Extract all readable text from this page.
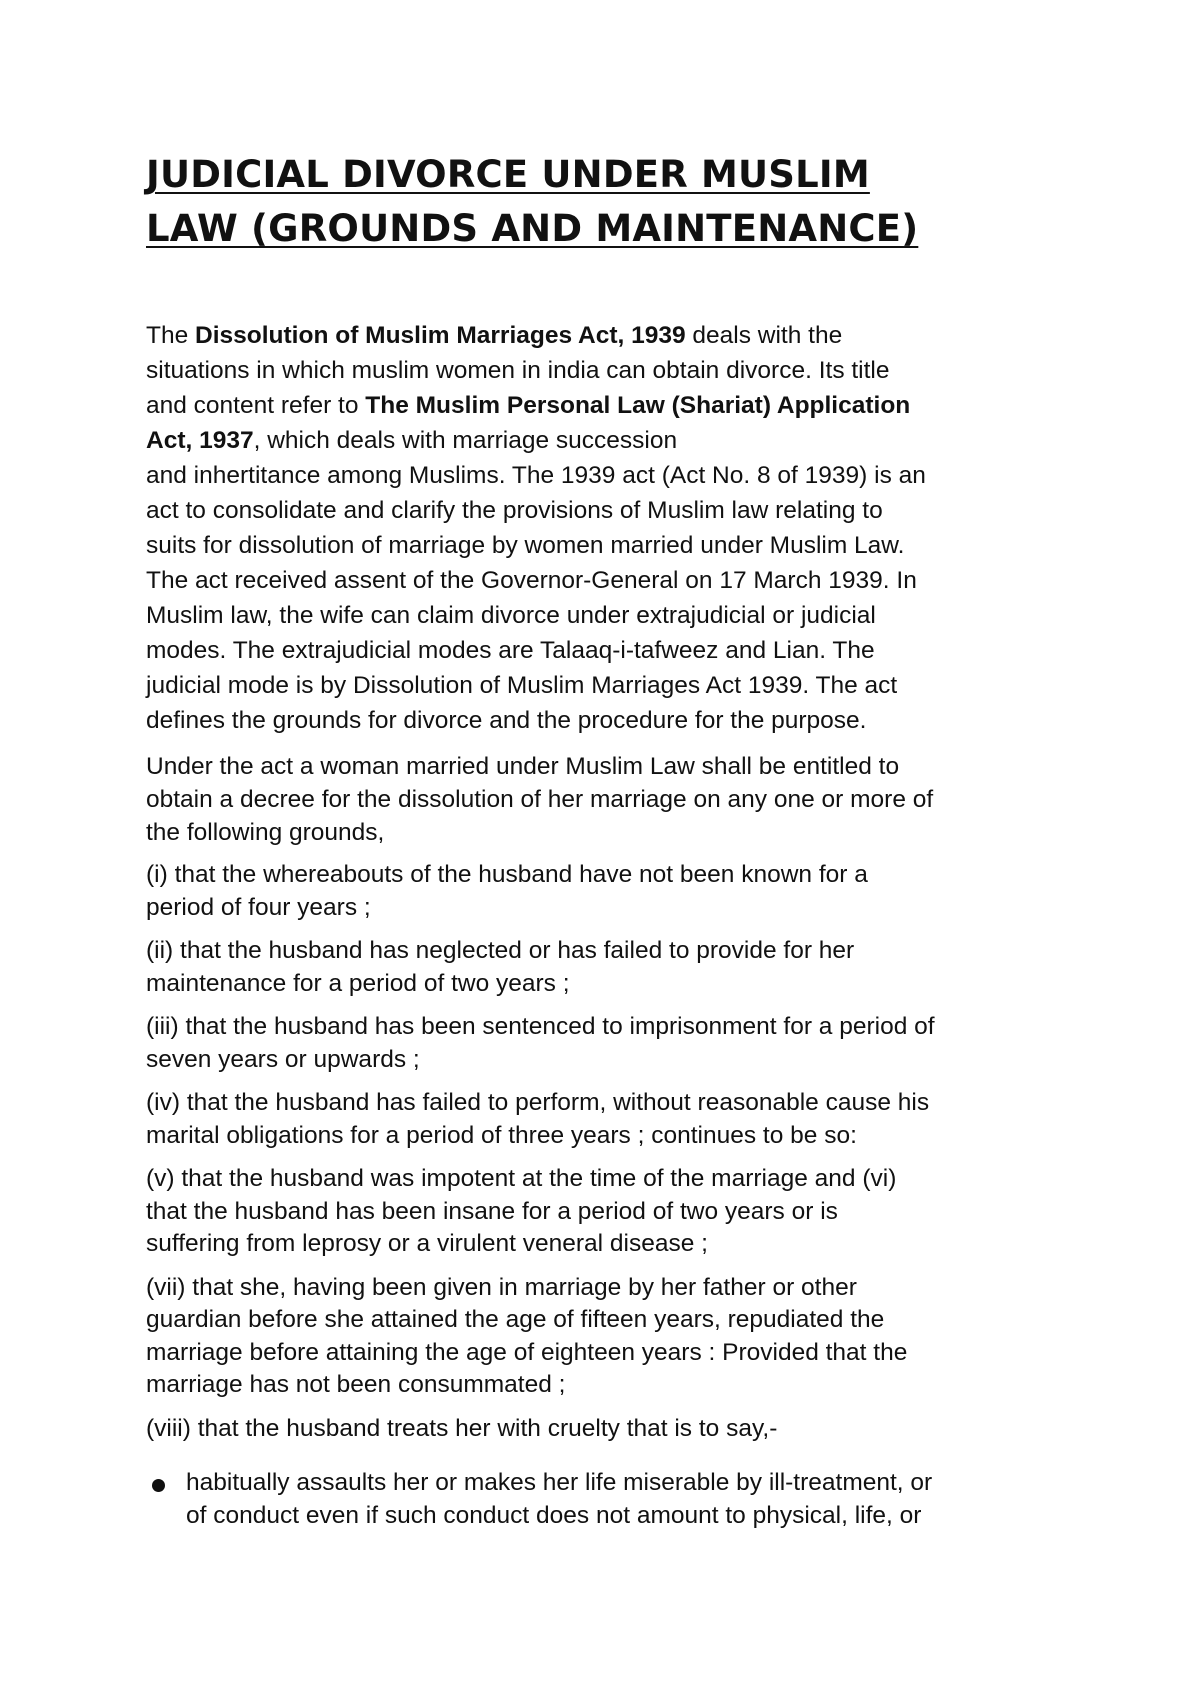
JUDICIAL DIVORCE UNDER MUSLIM
LAW (GROUNDS AND MAINTENANCE)

The Dissolution of Muslim Marriages Act, 1939 deals with the
situations in which muslim women in india can obtain divorce. Its title
and content refer to The Muslim Personal Law (Shariat) Application
Act, 1937, which deals with marriage succession
and inhertitance among Muslims. The 1939 act (Act No. 8 of 1939) is an
act to consolidate and clarify the provisions of Muslim law relating to
suits for dissolution of marriage by women married under Muslim Law.
The act received assent of the Governor-General on 17 March 1939. In
Muslim law, the wife can claim divorce under extrajudicial or judicial
modes. The extrajudicial modes are Talaaq-i-tafweez and Lian. The
judicial mode is by Dissolution of Muslim Marriages Act 1939. The act
defines the grounds for divorce and the procedure for the purpose.

Under the act a woman married under Muslim Law shall be entitled to
obtain a decree for the dissolution of her marriage on any one or more of
the following grounds,

(i) that the whereabouts of the husband have not been known for a
period of four years ;

(ii) that the husband has neglected or has failed to provide for her
maintenance for a period of two years ;

(iii) that the husband has been sentenced to imprisonment for a period of
seven years or upwards ;

(iv) that the husband has failed to perform, without reasonable cause his
marital obligations for a period of three years ; continues to be so:

(v) that the husband was impotent at the time of the marriage and (vi)
that the husband has been insane for a period of two years or is
suffering from leprosy or a virulent veneral disease ;

(vii) that she, having been given in marriage by her father or other
guardian before she attained the age of fifteen years, repudiated the
marriage before attaining the age of eighteen years : Provided that the
marriage has not been consummated ;

(viii) that the husband treats her with cruelty that is to say,-

habitually assaults her or makes her life miserable by ill-treatment, or
of conduct even if such conduct does not amount to physical, life, or
